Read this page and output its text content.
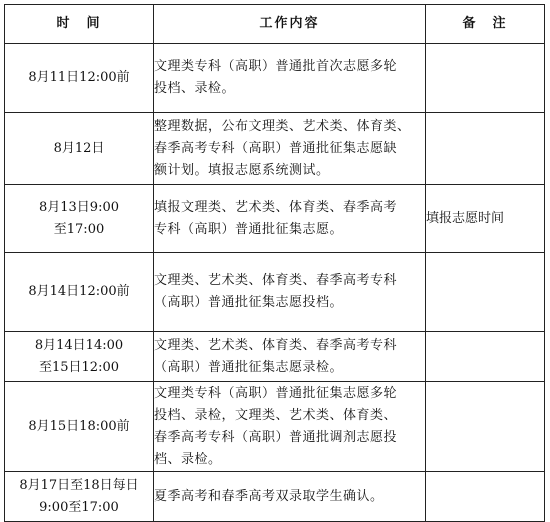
时　间	工作内容	备　注

8月11日12:00前	文理类专科（高职）普通批首次志愿多轮
投档、录检。	

8月12日	整理数据，公布文理类、艺术类、体育类、
春季高考专科（高职）普通批征集志愿缺
额计划。填报志愿系统测试。	

8月13日9:00
至17:00	填报文理类、艺术类、体育类、春季高考
专科（高职）普通批征集志愿。	填报志愿时间

8月14日12:00前	文理类、艺术类、体育类、春季高考专科
（高职）普通批征集志愿投档。	

8月14日14:00
至15日12:00	文理类、艺术类、体育类、春季高考专科
（高职）普通批征集志愿录检。	

8月15日18:00前	文理类专科（高职）普通批征集志愿多轮
投档、录检，文理类、艺术类、体育类、
春季高考专科（高职）普通批调剂志愿投
档、录检。	

8月17日至18日每日
9:00至17:00	夏季高考和春季高考双录取学生确认。	
